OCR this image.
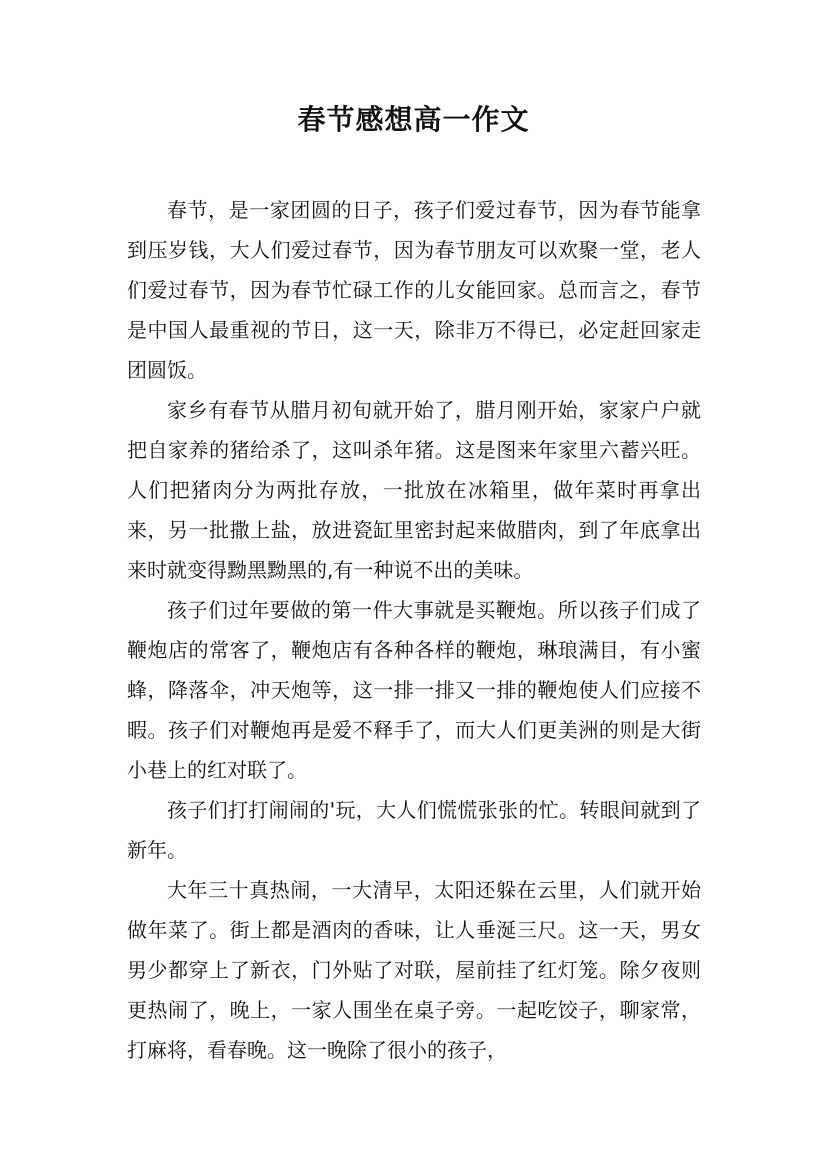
春节感想高一作文

春节，是一家团圆的日子，孩子们爱过春节，因为春节能拿到压岁钱，大人们爱过春节，因为春节朋友可以欢聚一堂，老人们爱过春节，因为春节忙碌工作的儿女能回家。总而言之，春节是中国人最重视的节日，这一天，除非万不得已，必定赶回家走团圆饭。

家乡有春节从腊月初旬就开始了，腊月刚开始，家家户户就把自家养的猪给杀了，这叫杀年猪。这是图来年家里六蓄兴旺。人们把猪肉分为两批存放，一批放在冰箱里，做年菜时再拿出来，另一批撒上盐，放进瓷缸里密封起来做腊肉，到了年底拿出来时就变得黝黑黝黑的,有一种说不出的美味。

孩子们过年要做的第一件大事就是买鞭炮。所以孩子们成了鞭炮店的常客了，鞭炮店有各种各样的鞭炮，琳琅满目，有小蜜蜂，降落伞，冲天炮等，这一排一排又一排的鞭炮使人们应接不暇。孩子们对鞭炮再是爱不释手了，而大人们更美洲的则是大街小巷上的红对联了。

孩子们打打闹闹的'玩，大人们慌慌张张的忙。转眼间就到了新年。

大年三十真热闹，一大清早，太阳还躲在云里，人们就开始做年菜了。街上都是酒肉的香味，让人垂涎三尺。这一天，男女男少都穿上了新衣，门外贴了对联，屋前挂了红灯笼。除夕夜则更热闹了，晚上，一家人围坐在桌子旁。一起吃饺子，聊家常，打麻将，看春晚。这一晚除了很小的孩子，
